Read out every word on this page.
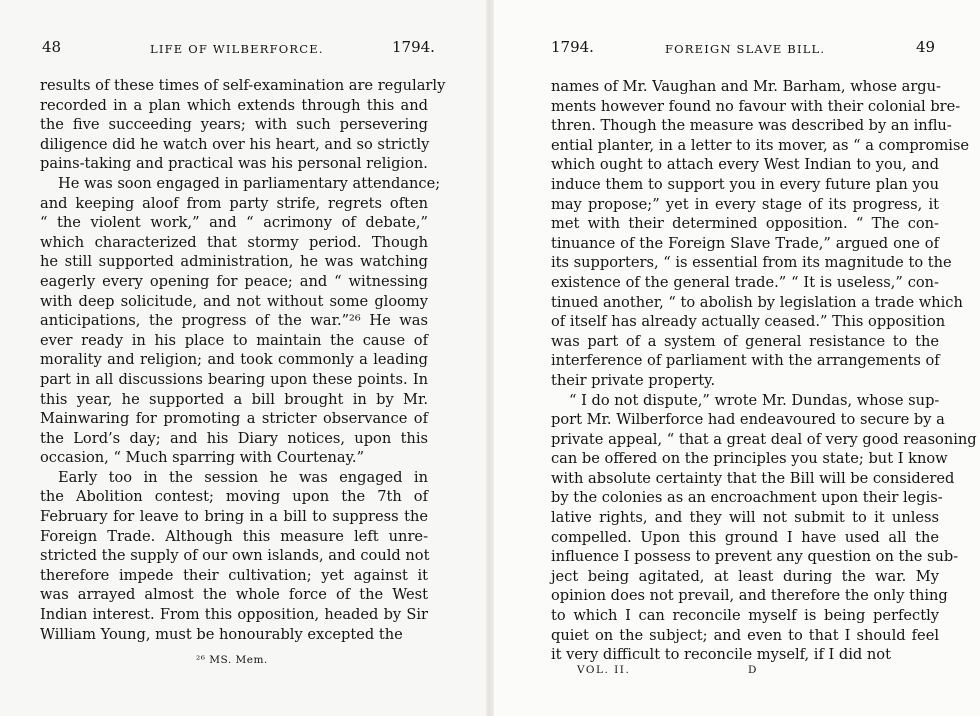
48	LIFE OF WILBERFORCE.	1794.
results of these times of self-examination are regularly
recorded in a plan which extends through this and
the five succeeding years; with such persevering
diligence did he watch over his heart, and so strictly
pains-taking and practical was his personal religion.
He was soon engaged in parliamentary attendance;
and keeping aloof from party strife, regrets often
“ the violent work,” and “ acrimony of debate,”
which characterized that stormy period. Though
he still supported administration, he was watching
eagerly every opening for peace; and “ witnessing
with deep solicitude, and not without some gloomy
anticipations, the progress of the war.”²⁶ He was
ever ready in his place to maintain the cause of
morality and religion; and took commonly a leading
part in all discussions bearing upon these points. In
this year, he supported a bill brought in by Mr.
Mainwaring for promoting a stricter observance of
the Lord’s day; and his Diary notices, upon this
occasion, “ Much sparring with Courtenay.”
Early too in the session he was engaged in
the Abolition contest; moving upon the 7th of
February for leave to bring in a bill to suppress the
Foreign Trade. Although this measure left unre-
stricted the supply of our own islands, and could not
therefore impede their cultivation; yet against it
was arrayed almost the whole force of the West
Indian interest. From this opposition, headed by Sir
William Young, must be honourably excepted the
²⁶ MS. Mem.
1794.	FOREIGN SLAVE BILL.	49
names of Mr. Vaughan and Mr. Barham, whose argu-
ments however found no favour with their colonial bre-
thren. Though the measure was described by an influ-
ential planter, in a letter to its mover, as “ a compromise
which ought to attach every West Indian to you, and
induce them to support you in every future plan you
may propose;” yet in every stage of its progress, it
met with their determined opposition. “ The con-
tinuance of the Foreign Slave Trade,” argued one of
its supporters, “ is essential from its magnitude to the
existence of the general trade.” “ It is useless,” con-
tinued another, “ to abolish by legislation a trade which
of itself has already actually ceased.” This opposition
was part of a system of general resistance to the
interference of parliament with the arrangements of
their private property.
“ I do not dispute,” wrote Mr. Dundas, whose sup-
port Mr. Wilberforce had endeavoured to secure by a
private appeal, “ that a great deal of very good reasoning
can be offered on the principles you state; but I know
with absolute certainty that the Bill will be considered
by the colonies as an encroachment upon their legis-
lative rights, and they will not submit to it unless
compelled. Upon this ground I have used all the
influence I possess to prevent any question on the sub-
ject being agitated, at least during the war. My
opinion does not prevail, and therefore the only thing
to which I can reconcile myself is being perfectly
quiet on the subject; and even to that I should feel
it very difficult to reconcile myself, if I did not
VOL. II.	D
